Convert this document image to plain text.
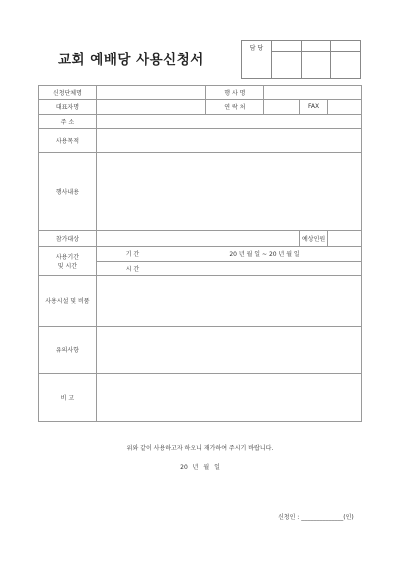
교회 예배당 사용신청서
담 당			

신청단체명			행 사 명			
대표자명			연 락 처		FAX	
주 소						
사용목적						
행사내용						
참가대상					예상인원	
사용기간
및 시간	기 간	20 년 월 일 ~ 20 년 월 일				
	시 간					
사용시설 및 비품						
유의사항						
비 고						
위와 같이 사용하고자 하오니 재가하여 주시기 바랍니다.
20 년 월 일
신청인 : ______________(인)
